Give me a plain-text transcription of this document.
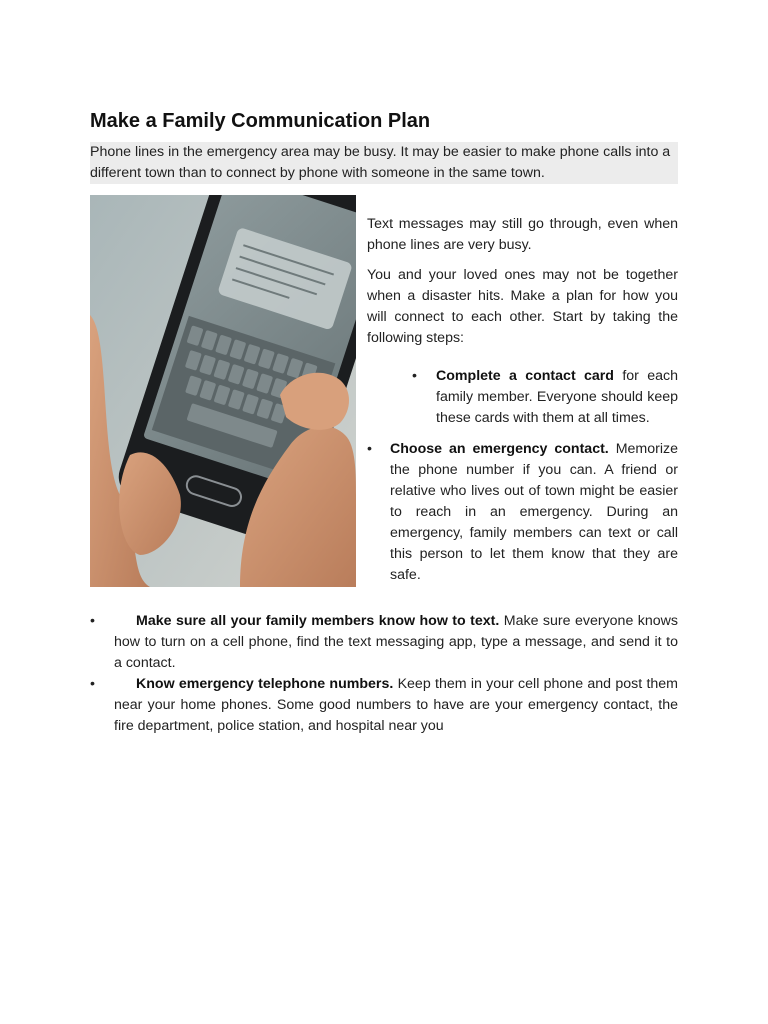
Make a Family Communication Plan

Phone lines in the emergency area may be busy. It may be easier to make phone calls into a different town than to connect by phone with someone in the same town.

Text messages may still go through, even when phone lines are very busy.

You and your loved ones may not be together when a disaster hits. Make a plan for how you will connect to each other. Start by taking the following steps:

• Complete a contact card for each family member. Everyone should keep these cards with them at all times.
• Choose an emergency contact. Memorize the phone number if you can. A friend or relative who lives out of town might be easier to reach in an emergency. During an emergency, family members can text or call this person to let them know that they are safe.
•	Make sure all your family members know how to text. Make sure everyone knows how to turn on a cell phone, find the text messaging app, type a message, and send it to a contact.
•	Know emergency telephone numbers. Keep them in your cell phone and post them near your home phones. Some good numbers to have are your emergency contact, the fire department, police station, and hospital near you
